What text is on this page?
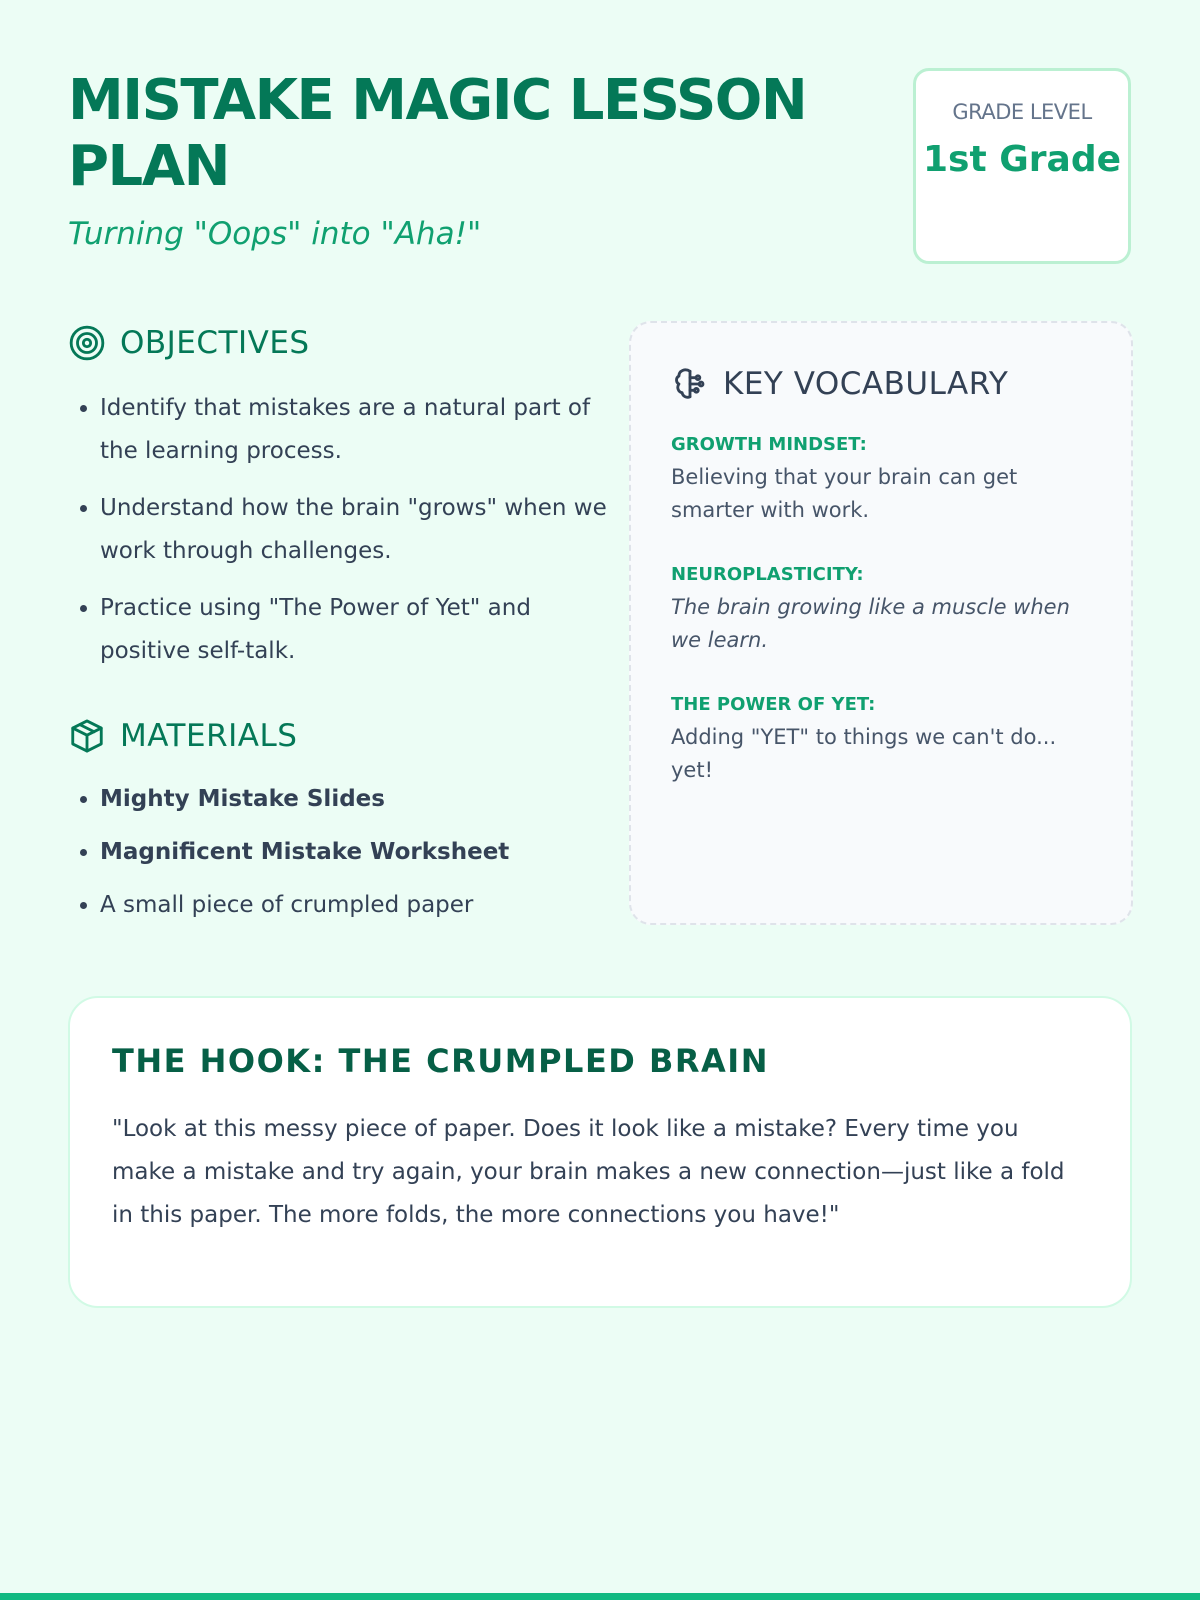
MISTAKE MAGIC LESSON PLAN

Turning "Oops" into "Aha!"

GRADE LEVEL
1st Grade
OBJECTIVES
• Identify that mistakes are a natural part of the learning process.
• Understand how the brain "grows" when we work through challenges.
• Practice using "The Power of Yet" and positive self-talk.
MATERIALS
• Mighty Mistake Slides
• Magnificent Mistake Worksheet
• A small piece of crumpled paper
KEY VOCABULARY
GROWTH MINDSET:
Believing that your brain can get smarter with work.
NEUROPLASTICITY:
The brain growing like a muscle when we learn.
THE POWER OF YET:
Adding "YET" to things we can't do... yet!
THE HOOK: THE CRUMPLED BRAIN

"Look at this messy piece of paper. Does it look like a mistake? Every time you make a mistake and try again, your brain makes a new connection—just like a fold in this paper. The more folds, the more connections you have!"
